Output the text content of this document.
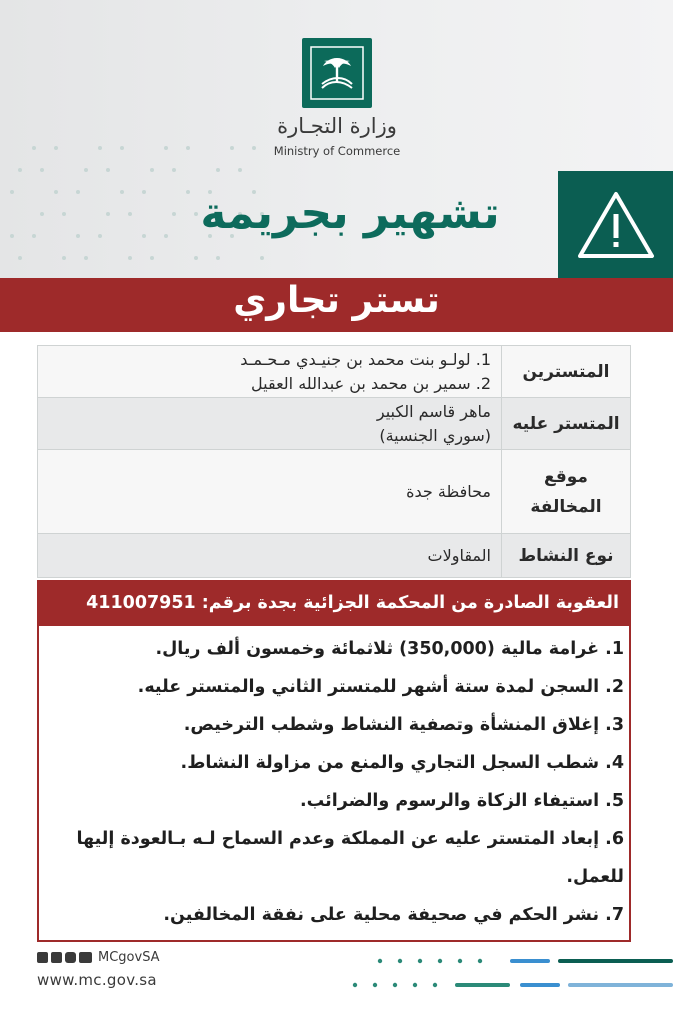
وزارة التجـارة
Ministry of Commerce
تشهير بجريمة
تستر تجاري
المتسترين	1. لولـو بنت محمد بن جنيـدي مـحـمـد
2. سمير بن محمد بن عبدالله العقيل

المتستر عليه	ماهر قاسم الكبير
(سوري الجنسية)

موقع
المخالفة	محافظة جدة
نوع النشاط	المقاولات
العقوبة الصادرة من المحكمة الجزائية بجدة برقم: 411007951
1. غرامة مالية (350,000) ثلاثمائة وخمسون ألف ريال.
2. السجن لمدة ستة أشهر للمتستر الثاني والمتستر عليه.
3. إغلاق المنشأة وتصفية النشاط وشطب الترخيص.
4. شطب السجل التجاري والمنع من مزاولة النشاط.
5. استيفاء الزكاة والرسوم والضرائب.
6. إبعاد المتستر عليه عن المملكة وعدم السماح لـه بـالعودة إليها للعمل.
7. نشر الحكم في صحيفة محلية على نفقة المخالفين.
MCgovSA
www.mc.gov.sa
